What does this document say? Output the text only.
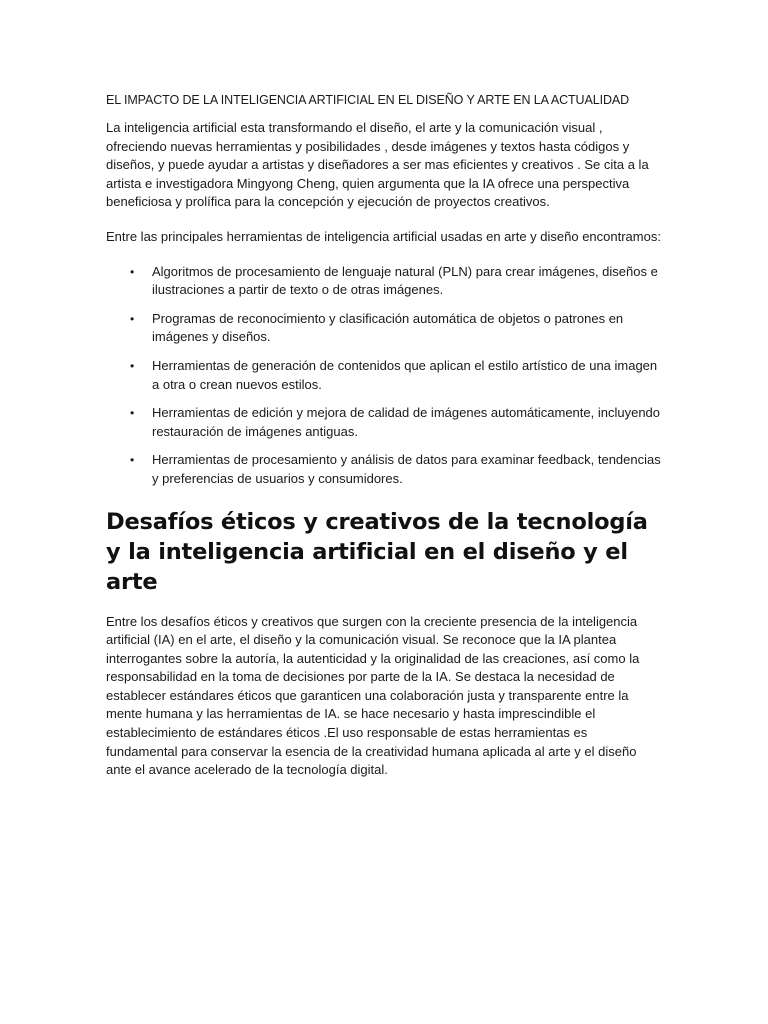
EL IMPACTO DE LA INTELIGENCIA ARTIFICIAL EN EL DISEÑO Y ARTE EN LA ACTUALIDAD

La inteligencia artificial esta transformando el diseño, el arte y la comunicación visual , ofreciendo nuevas herramientas y posibilidades , desde imágenes y textos hasta códigos y diseños, y puede ayudar a artistas y diseñadores a ser mas eficientes y creativos . Se cita a la artista e investigadora Mingyong Cheng, quien argumenta que la IA ofrece una perspectiva beneficiosa y prolífica para la concepción y ejecución de proyectos creativos.

Entre las principales herramientas de inteligencia artificial usadas en arte y diseño encontramos:

• Algoritmos de procesamiento de lenguaje natural (PLN) para crear imágenes, diseños e ilustraciones a partir de texto o de otras imágenes.
• Programas de reconocimiento y clasificación automática de objetos o patrones en imágenes y diseños.
• Herramientas de generación de contenidos que aplican el estilo artístico de una imagen a otra o crean nuevos estilos.
• Herramientas de edición y mejora de calidad de imágenes automáticamente, incluyendo restauración de imágenes antiguas.
• Herramientas de procesamiento y análisis de datos para examinar feedback, tendencias y preferencias de usuarios y consumidores.
Desafíos éticos y creativos de la tecnología y la inteligencia artificial en el diseño y el arte

Entre los desafíos éticos y creativos que surgen con la creciente presencia de la inteligencia artificial (IA) en el arte, el diseño y la comunicación visual. Se reconoce que la IA plantea interrogantes sobre la autoría, la autenticidad y la originalidad de las creaciones, así como la responsabilidad en la toma de decisiones por parte de la IA. Se destaca la necesidad de establecer estándares éticos que garanticen una colaboración justa y transparente entre la mente humana y las herramientas de IA. se hace necesario y hasta imprescindible el establecimiento de estándares éticos .El uso responsable de estas herramientas es fundamental para conservar la esencia de la creatividad humana aplicada al arte y el diseño ante el avance acelerado de la tecnología digital.
